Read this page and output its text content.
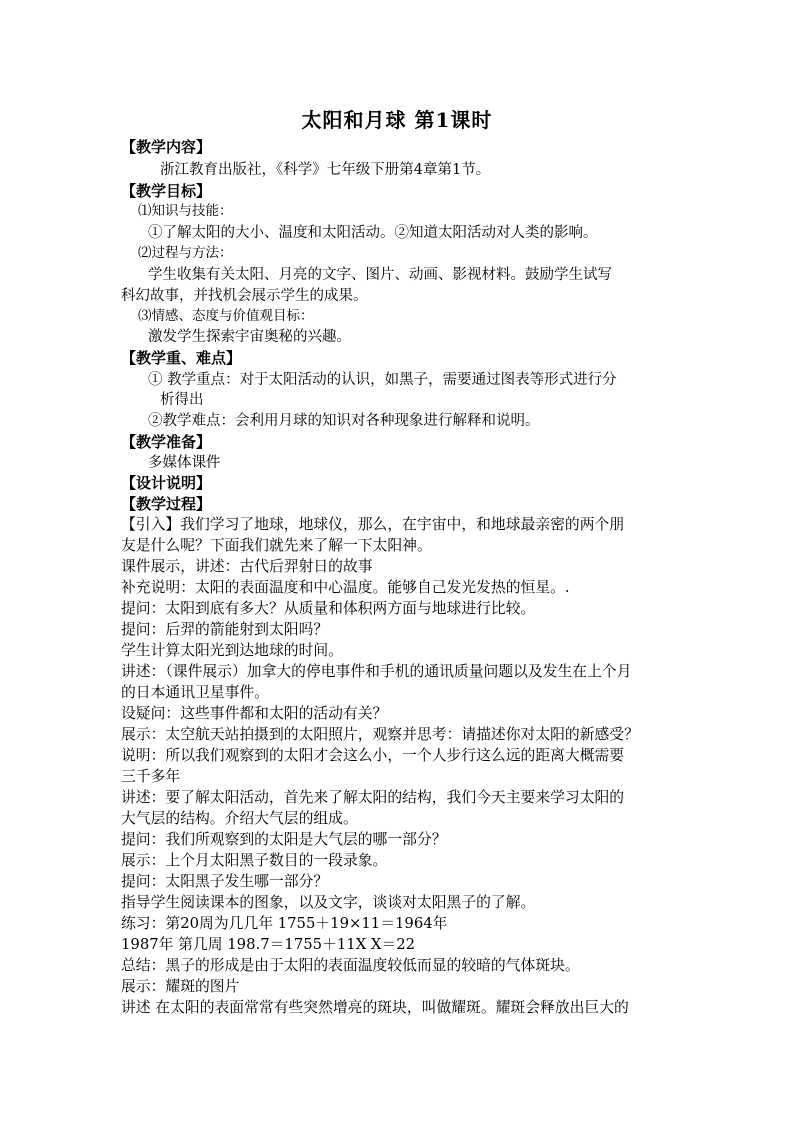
太阳和月球 第1课时
【教学内容】
浙江教育出版社，《科学》七年级下册第4章第1节。
【教学目标】
⑴知识与技能：
①了解太阳的大小、温度和太阳活动。②知道太阳活动对人类的影响。
⑵过程与方法：
学生收集有关太阳、月亮的文字、图片、动画、影视材料。鼓励学生试写
科幻故事，并找机会展示学生的成果。
⑶情感、态度与价值观目标：
激发学生探索宇宙奥秘的兴趣。
【教学重、难点】
① 教学重点：对于太阳活动的认识，如黑子，需要通过图表等形式进行分
析得出
②教学难点：会利用月球的知识对各种现象进行解释和说明。
【教学准备】
多媒体课件
【设计说明】
【教学过程】
【引入】我们学习了地球，地球仪，那么，在宇宙中，和地球最亲密的两个朋
友是什么呢？下面我们就先来了解一下太阳神。
课件展示，讲述：古代后羿射日的故事
补充说明：太阳的表面温度和中心温度。能够自己发光发热的恒星。.
提问：太阳到底有多大？从质量和体积两方面与地球进行比较。
提问：后羿的箭能射到太阳吗？
学生计算太阳光到达地球的时间。
讲述：（课件展示）加拿大的停电事件和手机的通讯质量问题以及发生在上个月
的日本通讯卫星事件。
设疑问：这些事件都和太阳的活动有关？
展示：太空航天站拍摄到的太阳照片，观察并思考：请描述你对太阳的新感受？
说明：所以我们观察到的太阳才会这么小，一个人步行这么远的距离大概需要
三千多年
讲述：要了解太阳活动，首先来了解太阳的结构，我们今天主要来学习太阳的
大气层的结构。介绍大气层的组成。
提问：我们所观察到的太阳是大气层的哪一部分？
展示：上个月太阳黑子数目的一段录象。
提问：太阳黑子发生哪一部分？
指导学生阅读课本的图象，以及文字，谈谈对太阳黑子的了解。
练习：第20周为几几年 1755＋19×11＝1964年
1987年 第几周 198.7＝1755＋11X X＝22
总结：黑子的形成是由于太阳的表面温度较低而显的较暗的气体斑块。
展示：耀斑的图片
讲述 在太阳的表面常常有些突然增亮的斑块，叫做耀斑。耀斑会释放出巨大的
